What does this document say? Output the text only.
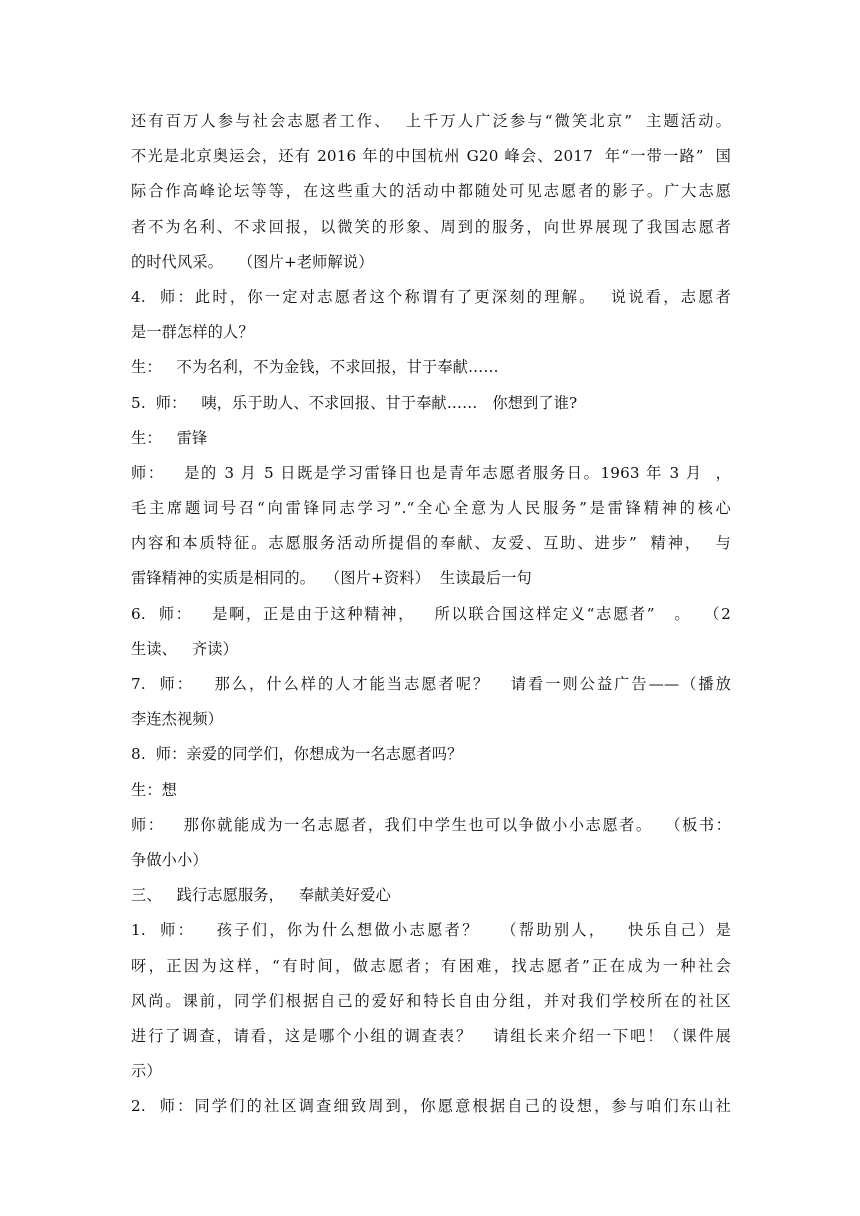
还有百万人参与社会志愿者工作、  上千万人广泛参与“微笑北京”  主题活动。
不光是北京奥运会，还有 2016 年的中国杭州 G20 峰会、2017  年“一带一路”  国
际合作高峰论坛等等，在这些重大的活动中都随处可见志愿者的影子。广大志愿
者不为名利、不求回报，以微笑的形象、周到的服务，向世界展现了我国志愿者
的时代风采。   （图片+老师解说）
4.  师：此时，你一定对志愿者这个称谓有了更深刻的理解。  说说看，志愿者
是一群怎样的人？
生：   不为名利，不为金钱，不求回报，甘于奉献……
5.  师：   咦，乐于助人、不求回报、甘于奉献……   你想到了谁?
生：   雷锋
师：   是的 3 月 5 日既是学习雷锋日也是青年志愿者服务日。1963 年 3 月  ，
毛主席题词号召“向雷锋同志学习”.“全心全意为人民服务”是雷锋精神的核心
内容和本质特征。志愿服务活动所提倡的奉献、友爱、互助、进步”  精神，  与
雷锋精神的实质是相同的。  （图片+资料）  生读最后一句
6.  师：   是啊，正是由于这种精神，   所以联合国这样定义“志愿者”   。  （2
生读、   齐读）
7.  师：   那么，什么样的人才能当志愿者呢？   请看一则公益广告——（播放
李连杰视频）
8.  师：亲爱的同学们，你想成为一名志愿者吗？
生：想
师：   那你就能成为一名志愿者，我们中学生也可以争做小小志愿者。  （板书：
争做小小）
三、   践行志愿服务，   奉献美好爱心
1.  师：   孩子们，你为什么想做小志愿者？   （帮助别人，   快乐自己）是
呀，正因为这样，“有时间，做志愿者；有困难，找志愿者”正在成为一种社会
风尚。课前，同学们根据自己的爱好和特长自由分组，并对我们学校所在的社区
进行了调查，请看，这是哪个小组的调查表？   请组长来介绍一下吧！（课件展
示）
2.  师：同学们的社区调查细致周到，你愿意根据自己的设想，参与咱们东山社
